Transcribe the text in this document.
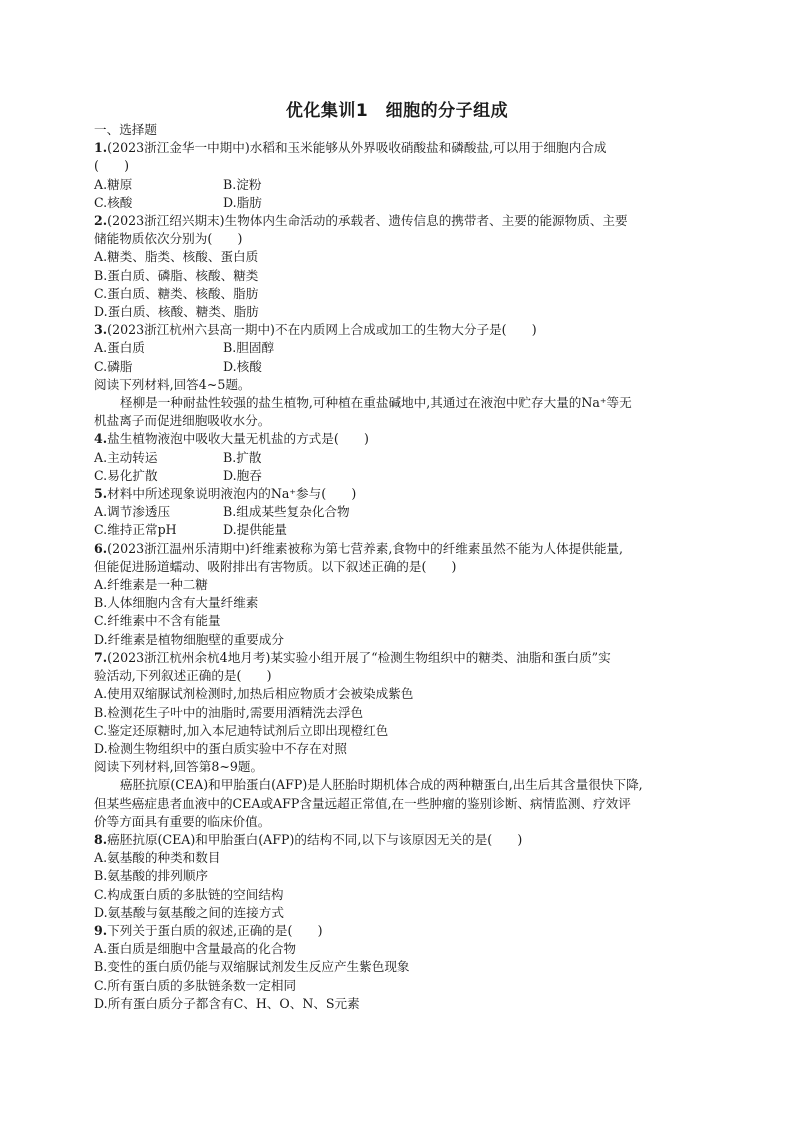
优化集训1　细胞的分子组成
一、选择题
1.(2023浙江金华一中期中)水稻和玉米能够从外界吸收硝酸盐和磷酸盐,可以用于细胞内合成
(　　)
A.糖原	B.淀粉
C.核酸	D.脂肪
2.(2023浙江绍兴期末)生物体内生命活动的承载者、遗传信息的携带者、主要的能源物质、主要
储能物质依次分别为(　　)
A.糖类、脂类、核酸、蛋白质
B.蛋白质、磷脂、核酸、糖类
C.蛋白质、糖类、核酸、脂肪
D.蛋白质、核酸、糖类、脂肪
3.(2023浙江杭州六县高一期中)不在内质网上合成或加工的生物大分子是(　　)
A.蛋白质	B.胆固醇
C.磷脂	D.核酸
阅读下列材料,回答4~5题。
柽柳是一种耐盐性较强的盐生植物,可种植在重盐碱地中,其通过在液泡中贮存大量的Na⁺等无
机盐离子而促进细胞吸收水分。
4.盐生植物液泡中吸收大量无机盐的方式是(　　)
A.主动转运	B.扩散
C.易化扩散	D.胞吞
5.材料中所述现象说明液泡内的Na⁺参与(　　)
A.调节渗透压	B.组成某些复杂化合物
C.维持正常pH	D.提供能量
6.(2023浙江温州乐清期中)纤维素被称为第七营养素,食物中的纤维素虽然不能为人体提供能量,
但能促进肠道蠕动、吸附排出有害物质。以下叙述正确的是(　　)
A.纤维素是一种二糖
B.人体细胞内含有大量纤维素
C.纤维素中不含有能量
D.纤维素是植物细胞壁的重要成分
7.(2023浙江杭州余杭4地月考)某实验小组开展了“检测生物组织中的糖类、油脂和蛋白质”实
验活动,下列叙述正确的是(　　)
A.使用双缩脲试剂检测时,加热后相应物质才会被染成紫色
B.检测花生子叶中的油脂时,需要用酒精洗去浮色
C.鉴定还原糖时,加入本尼迪特试剂后立即出现橙红色
D.检测生物组织中的蛋白质实验中不存在对照
阅读下列材料,回答第8~9题。
癌胚抗原(CEA)和甲胎蛋白(AFP)是人胚胎时期机体合成的两种糖蛋白,出生后其含量很快下降,
但某些癌症患者血液中的CEA或AFP含量远超正常值,在一些肿瘤的鉴别诊断、病情监测、疗效评
价等方面具有重要的临床价值。
8.癌胚抗原(CEA)和甲胎蛋白(AFP)的结构不同,以下与该原因无关的是(　　)
A.氨基酸的种类和数目
B.氨基酸的排列顺序
C.构成蛋白质的多肽链的空间结构
D.氨基酸与氨基酸之间的连接方式
9.下列关于蛋白质的叙述,正确的是(　　)
A.蛋白质是细胞中含量最高的化合物
B.变性的蛋白质仍能与双缩脲试剂发生反应产生紫色现象
C.所有蛋白质的多肽链条数一定相同
D.所有蛋白质分子都含有C、H、O、N、S元素
